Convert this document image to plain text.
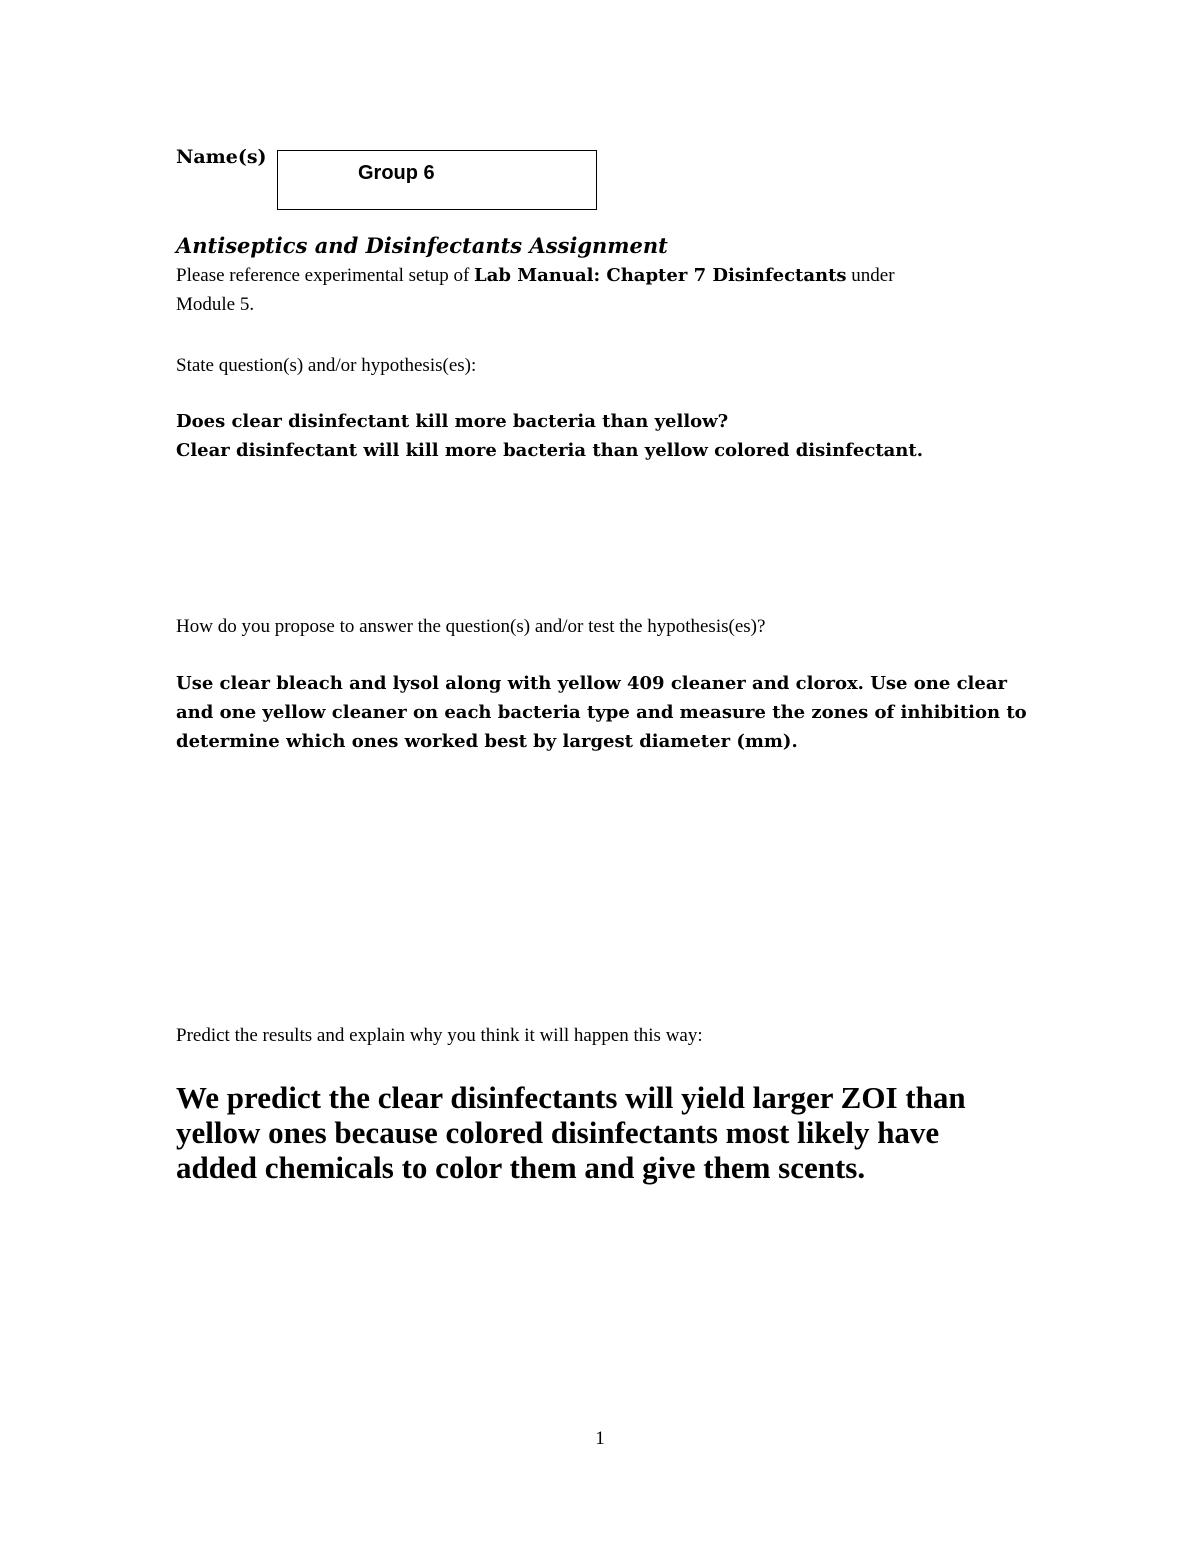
Name(s)
Group 6

Antiseptics and Disinfectants Assignment

Please reference experimental setup of Lab Manual: Chapter 7 Disinfectants under
Module 5.

State question(s) and/or hypothesis(es):

Does clear disinfectant kill more bacteria than yellow?

Clear disinfectant will kill more bacteria than yellow colored disinfectant.

How do you propose to answer the question(s) and/or test the hypothesis(es)?

Use clear bleach and lysol along with yellow 409 cleaner and clorox. Use one clear

and one yellow cleaner on each bacteria type and measure the zones of inhibition to

determine which ones worked best by largest diameter (mm).

Predict the results and explain why you think it will happen this way:

We predict the clear disinfectants will yield larger ZOI than

yellow ones because colored disinfectants most likely have

added chemicals to color them and give them scents.

1
